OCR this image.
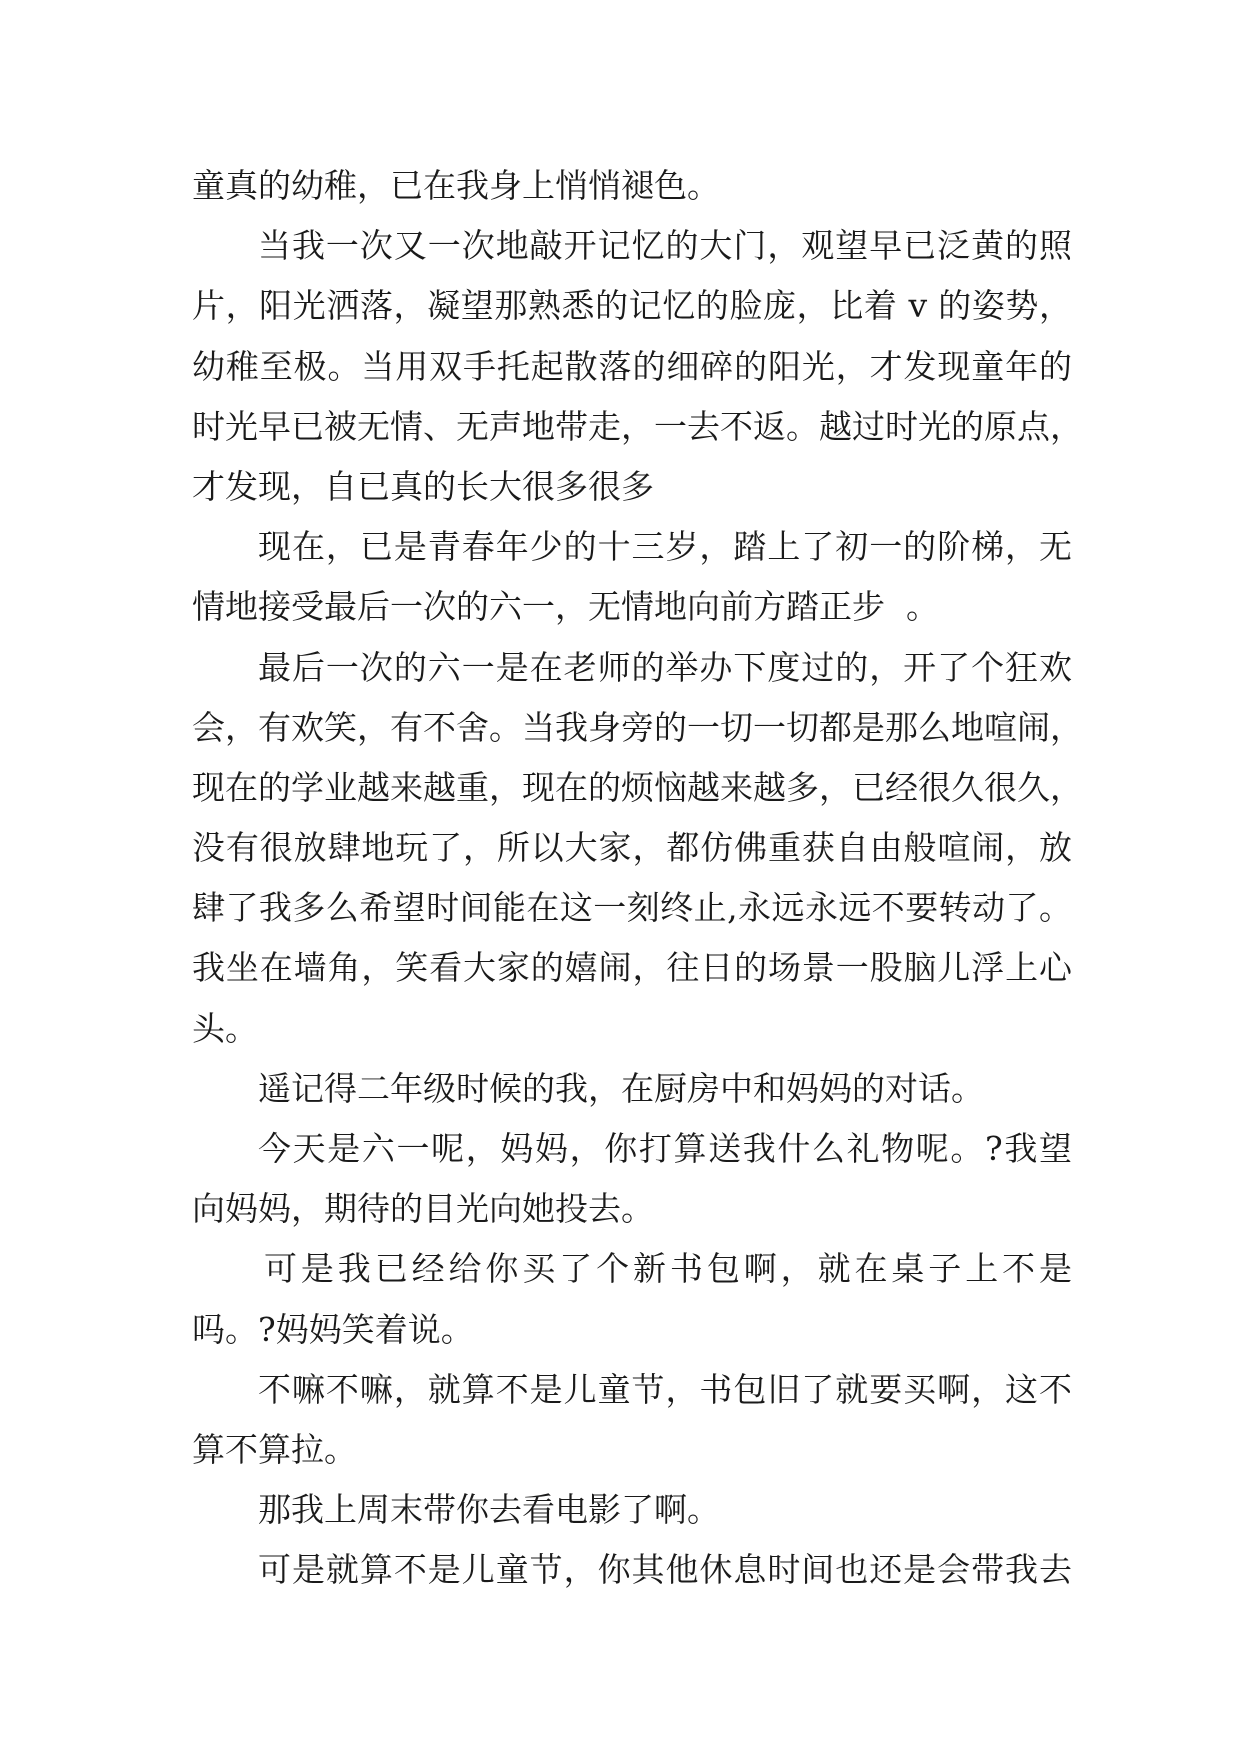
童真的幼稚，已在我身上悄悄褪色。
当我一次又一次地敲开记忆的大门，观望早已泛黄的照
片，阳光洒落，凝望那熟悉的记忆的脸庞，比着 v 的姿势，
幼稚至极。当用双手托起散落的细碎的阳光，才发现童年的
时光早已被无情、无声地带走，一去不返。越过时光的原点，
才发现，自已真的长大很多很多
现在，已是青春年少的十三岁，踏上了初一的阶梯，无
情地接受最后一次的六一，无情地向前方踏正步  。
最后一次的六一是在老师的举办下度过的，开了个狂欢
会，有欢笑，有不舍。当我身旁的一切一切都是那么地喧闹，
现在的学业越来越重，现在的烦恼越来越多，已经很久很久，
没有很放肆地玩了，所以大家，都仿佛重获自由般喧闹，放
肆了我多么希望时间能在这一刻终止,永远永远不要转动了。
我坐在墙角，笑看大家的嬉闹，往日的场景一股脑儿浮上心
头。
遥记得二年级时候的我，在厨房中和妈妈的对话。
今天是六一呢，妈妈，你打算送我什么礼物呢。?我望
向妈妈，期待的目光向她投去。
可是我已经给你买了个新书包啊，就在桌子上不是
吗。?妈妈笑着说。
不嘛不嘛，就算不是儿童节，书包旧了就要买啊，这不
算不算拉。
那我上周末带你去看电影了啊。
可是就算不是儿童节，你其他休息时间也还是会带我去
